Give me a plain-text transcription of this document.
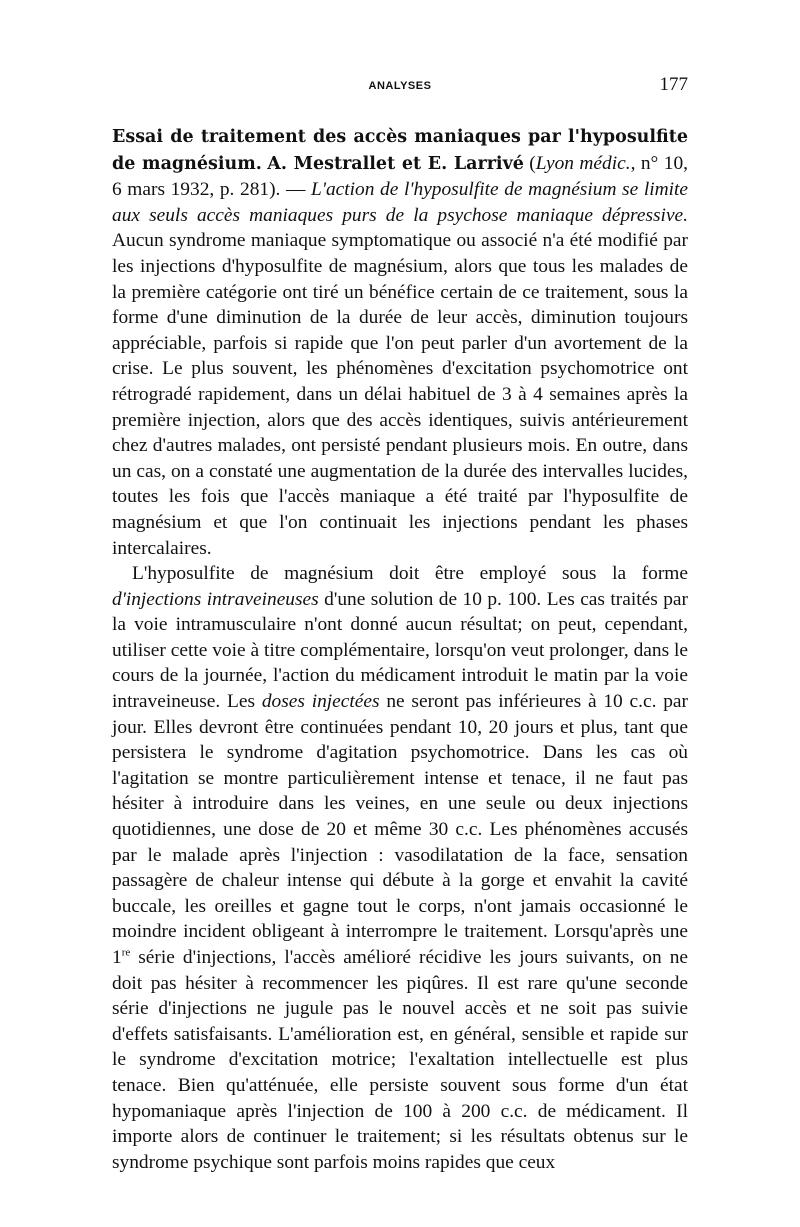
ANALYSES	177

Essai de traitement des accès maniaques par l'hyposulfite de magnésium. A. Mestrallet et E. Larrivé (Lyon médic., n° 10, 6 mars 1932, p. 281). — L'action de l'hyposulfite de magnésium se limite aux seuls accès maniaques purs de la psychose maniaque dépressive. Aucun syndrome maniaque symptomatique ou associé n'a été modifié par les injections d'hyposulfite de magnésium, alors que tous les malades de la première catégorie ont tiré un bénéfice certain de ce traitement, sous la forme d'une diminution de la durée de leur accès, diminution toujours appréciable, parfois si rapide que l'on peut parler d'un avortement de la crise. Le plus souvent, les phénomènes d'excitation psychomotrice ont rétrogradé rapidement, dans un délai habituel de 3 à 4 semaines après la première injection, alors que des accès identiques, suivis antérieurement chez d'autres malades, ont persisté pendant plusieurs mois. En outre, dans un cas, on a constaté une augmentation de la durée des intervalles lucides, toutes les fois que l'accès maniaque a été traité par l'hyposulfite de magnésium et que l'on continuait les injections pendant les phases intercalaires.

L'hyposulfite de magnésium doit être employé sous la forme d'injections intraveineuses d'une solution de 10 p. 100. Les cas traités par la voie intramusculaire n'ont donné aucun résultat; on peut, cependant, utiliser cette voie à titre complémentaire, lorsqu'on veut prolonger, dans le cours de la journée, l'action du médicament introduit le matin par la voie intraveineuse. Les doses injectées ne seront pas inférieures à 10 c.c. par jour. Elles devront être continuées pendant 10, 20 jours et plus, tant que persistera le syndrome d'agitation psychomotrice. Dans les cas où l'agitation se montre particulièrement intense et tenace, il ne faut pas hésiter à introduire dans les veines, en une seule ou deux injections quotidiennes, une dose de 20 et même 30 c.c. Les phénomènes accusés par le malade après l'injection : vasodilatation de la face, sensation passagère de chaleur intense qui débute à la gorge et envahit la cavité buccale, les oreilles et gagne tout le corps, n'ont jamais occasionné le moindre incident obligeant à interrompre le traitement. Lorsqu'après une 1re série d'injections, l'accès amélioré récidive les jours suivants, on ne doit pas hésiter à recommencer les piqûres. Il est rare qu'une seconde série d'injections ne jugule pas le nouvel accès et ne soit pas suivie d'effets satisfaisants. L'amélioration est, en général, sensible et rapide sur le syndrome d'excitation motrice; l'exaltation intellectuelle est plus tenace. Bien qu'atténuée, elle persiste souvent sous forme d'un état hypomaniaque après l'injection de 100 à 200 c.c. de médicament. Il importe alors de continuer le traitement; si les résultats obtenus sur le syndrome psychique sont parfois moins rapides que ceux
